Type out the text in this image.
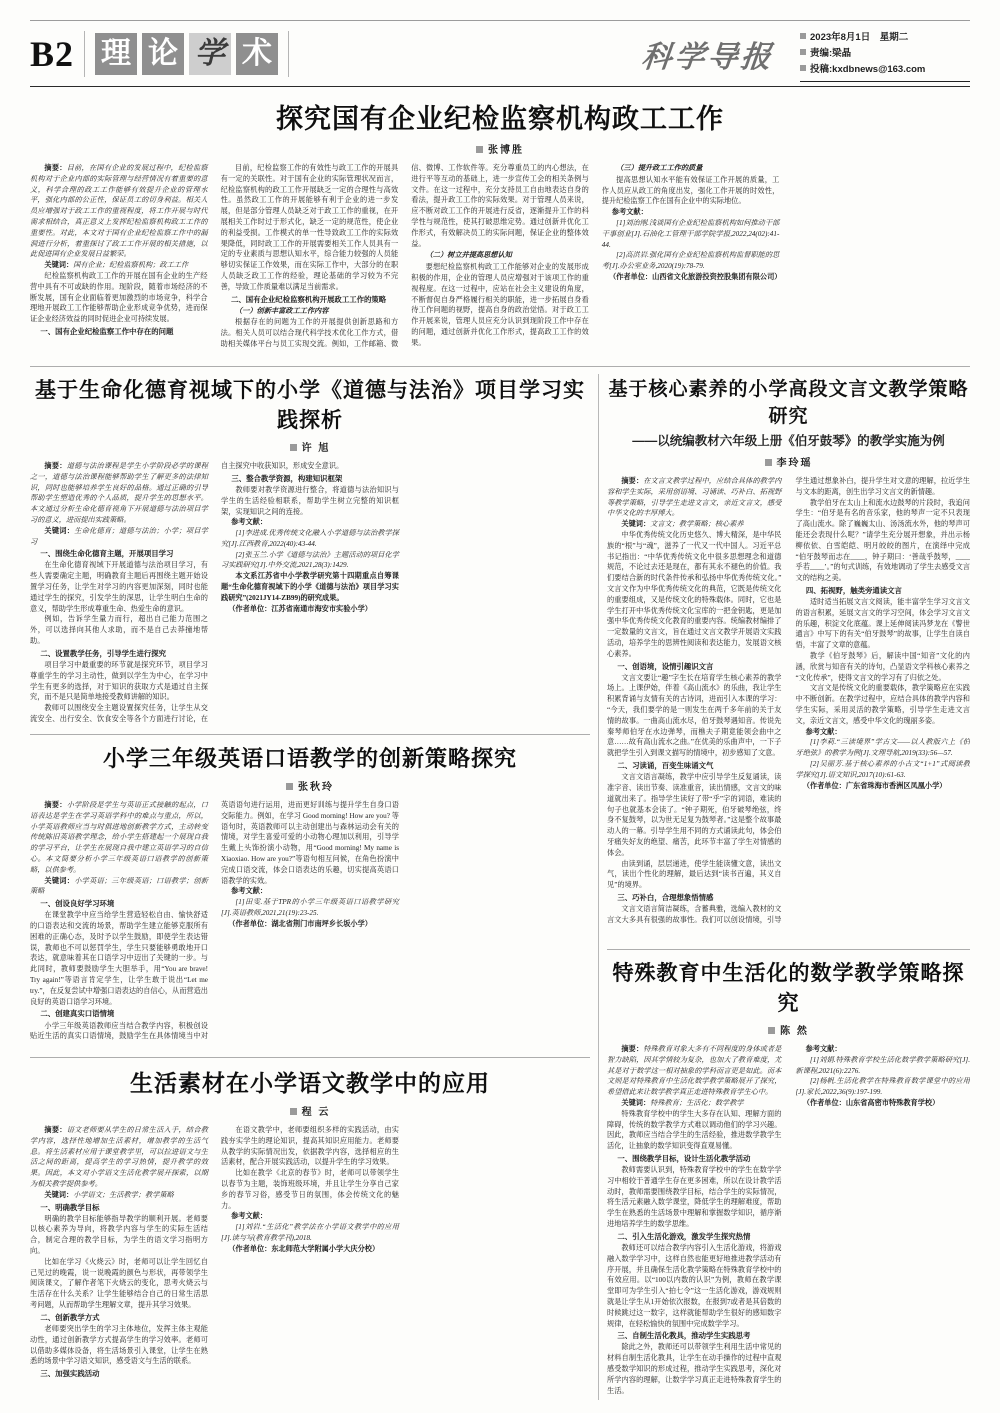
B2 理 论 学 术	科学导报
2023年8月1日　星期二
责编:梁晶
投稿:kxdbnews@163.com
探究国有企业纪检监察机构政工工作
张博胜

摘要：目前，在国有企业的发展过程中，纪检监察机构对于企业内部的实际管理与经营情况有着重要的意义，科学合理的政工工作能够有效提升企业的管理水平，强化内部的公正性，保证员工的切身利益。相关人员应增强对于政工工作的重视程度，将工作开展与时代需求相结合，真正意义上发挥纪检监察机构政工工作的重要性。对此，本文对于国有企业纪检监察工作中的漏洞进行分析，着重探讨了政工工作开展的相关措施，以此促进国有企业发展日益繁荣。

关键词：国有企业；纪检监察机构；政工工作

纪检监察机构政工工作的开展在国有企业的生产经营中具有不可或缺的作用。现阶段，随着市场经济的不断发展，国有企业面临着更加激烈的市场竞争，科学合理地开展政工工作能够帮助企业形成竞争优势，进而保证企业经济效益的同时促进企业可持续发展。

一、国有企业纪检监察工作中存在的问题

目前，纪检监察工作的有效性与政工工作的开展具有一定的关联性。对于国有企业的实际管理状况而言，纪检监察机构的政工工作开展缺乏一定的合理性与高效性。虽然政工工作的开展能够有利于企业的进一步发展，但是部分管理人员缺乏对于政工工作的重视，在开展相关工作时过于形式化，缺乏一定的规范性，使企业的利益受损。工作模式的单一性导致政工工作的实际效果降低，同时政工工作的开展需要相关工作人员具有一定的专业素质与思想认知水平，综合能力较强的人员能够切实保证工作效果，而在实际工作中，大部分的在职人员缺乏政工工作的经验，理论基础的学习较为不完善，导致工作质量难以满足当前需求。

二、国有企业纪检监察机构开展政工工作的策略
（一）创新丰富政工工作内容

根据存在的问题为工作的开展提供创新思路和方法。相关人员可以结合现代科学技术优化工作方式，借助相关媒体平台与员工实现交流。例如，工作邮箱、微信、微博、工作软件等。充分尊重员工的内心想法，在进行平等互动的基础上，进一步宣传工会的相关条例与文件。在这一过程中，充分支持员工自由地表达自身的看法，提升政工工作的实际效果。对于管理人员来说，应不断对政工工作的开展进行反省，逐渐提升工作的科学性与规范性，使其打破思维定势。通过创新并优化工作形式，有效解决员工的实际问题，保证企业的整体效益。

（二）树立并提高思想认知

要想纪检监察机构政工工作能够对企业的发展形成积极的作用，企业的管理人员应增强对于该项工作的重视程度。在这一过程中，应站在社会主义建设的角度，不断督促自身严格履行相关的职能，进一步拓展自身看待工作问题的视野，提高自身的政治觉悟。对于政工工作开展来说，管理人员应充分认识到现阶段工作中存在的问题，通过创新并优化工作形式，提高政工工作的效果。

（三）提升政工工作的质量

提高思想认知水平能有效保证工作开展的质量，工作人员应从政工的角度出发，强化工作开展的时效性，提升纪检监察工作在国有企业中的实际地位。

参考文献：

[1]刘治刚.浅谈国有企业纪检监察机构如何推动干部干事创业[J].石油化工管理干部学院学报,2022,24(02):41-44.

[2]高洪岩.强化国有企业纪检监察机构监督职能的思考[J].办公室业务,2020(19):78-79.

（作者单位：山西省文化旅游投资控股集团有限公司）

基于生命化德育视域下的小学《道德与法治》项目学习实践探析
许 旭

摘要：道德与法治课程是学生小学阶段必学的课程之一，道德与法治课程能够帮助学生了解更多的法律知识，同时也能够培养学生良好的品格。通过正确的引导帮助学生塑造优秀的个人品质，提升学生的思想水平。本文通过分析生命化德育视角下开展道德与法治项目学习的意义，进而提出实践策略。

关键词：生命化德育；道德与法治；小学；项目学习

一、围绕生命化德育主题，开展项目学习

在生命化德育视域下开展道德与法治项目学习，有些人需要确定主题，明确教育主题后再围绕主题开始设置学习任务，让学生对学习的内容更加深刻，同时也能通过学生的探究，引发学生的深思，让学生明白生命的意义，帮助学生形成尊重生命、热爱生命的意识。

例如，告诉学生量力而行，超出自己能力范围之外，可以选择向其他人求助，而不是自己去莽撞地帮助。

二、设置教学任务，引导学生进行探究

项目学习中最重要的环节就是探究环节，项目学习尊重学生的学习主动性，做到以学生为中心，在学习中学生有更多的选择，对于知识的获取方式是通过自主探究，而不是只是简单地接受教师讲解的知识。

教师可以围绕安全主题设置探究任务，让学生从交流安全、出行安全、饮食安全等各个方面进行讨论，在自主探究中收获知识，形成安全意识。

三、整合教学资源，构建知识框架

教师要对教学资源进行整合，将道德与法治知识与学生的生活经验相联系，帮助学生树立完整的知识框架，实现知识之间的连接。

参考文献：

[1]李进成.优秀传统文化融入小学道德与法治教学探究[J].江西教育,2022(40):43-44.

[2]张玉兰.小学《道德与法治》主题活动的项目化学习实践研究[J].中外交流,2021,28(3):1429.

本文系江苏省中小学教学研究第十四期重点自筹课题“生命化德育视域下的小学《道德与法治》项目学习实践研究”(2021JY14-ZB99)的研究成果。

（作者单位：江苏省南通市海安市实验小学）

小学三年级英语口语教学的创新策略探究
张秋玲

摘要：小学阶段是学生与英语正式接触的起点，口语表达是学生在学习英语学科中的难点与重点，所以，小学英语教师应当与时俱进地创新教学方式，主动转变传统陈旧英语教学理念，给小学生搭建起一个展现自我的学习平台，让学生在展现自我中建立英语学习的自信心。本文简要分析小学三年级英语口语教学的创新策略，以供参考。

关键词：小学英语；三年级英语；口语教学；创新策略

一、创设良好学习环境

在课堂教学中应当给学生营造轻松自由、愉快舒适的口语表达和交流的场景，帮助学生建立能够克服所有困难的正确心态，及时予以学生鼓励，即使学生表达错误，教师也不可以惩罚学生，学生只要能够勇敢地开口表达，就意味着其在口语学习中迈出了关键的一步。与此同时，教师要鼓励学生大胆举手，用“You are brave! Try again!”等语言肯定学生，让学生敢于说出“Let me try.”，在反复尝试中增强口语表达的自信心，从而营造出良好的英语口语学习环境。

二、创建真实口语情境

小学三年级英语教师应当结合教学内容，积极创设贴近生活的真实口语情境，鼓励学生在具体情境当中对英语语句进行运用，进而更好训练与提升学生自身口语交际能力。例如，在学习 Good morning! How are you? 等语句时，英语教师可以主动创建出与森林运动会有关的情境，对学生喜爱可爱的小动物心理加以利用，引导学生戴上头饰扮演小动物，用“Good morning! My name is Xiaoxiao. How are you?”等语句相互问候，在角色扮演中完成口语交流，体会口语表达的乐趣，切实提高英语口语教学的实效。

参考文献：

[1]田雯.基于TPR的小学三年级英语口语教学研究[J].英语教师,2021,21(19):23-25.

（作者单位：湖北省荆门市南坪乡长坂小学）

生活素材在小学语文教学中的应用
程 云

摘要：语文老师要从学生的日常生活入手，结合教学内容，选择性地增加生活素材，增加教学的生活气息。将生活素材应用于课堂教学里，可以拉进语文与生活之间的距离，提高学生的学习热情，提升教学的效果。因此，本文对小学语文生活化教学展开探索，以期为相关教学提供参考。

关键词：小学语文；生活教学；教学策略

一、明确教学目标

明确的教学目标能够指导教学的顺利开展。老师要以核心素养为导向，将教学内容与学生的实际生活结合，制定合理的教学目标，为学生的语文学习指明方向。

比如在学习《火烧云》时，老师可以让学生回忆自己见过的晚霞，说一说晚霞的颜色与形状，再带领学生阅读课文，了解作者笔下火烧云的变化，思考火烧云与生活存在什么关系？让学生能够结合自己的日常生活思考问题，从而帮助学生理解文章，提升其学习效果。

二、创新教学方式

老师要突出学生的学习主体地位，发挥主体主观能动性，通过创新教学方式提高学生的学习效率。老师可以借助多媒体设备，将生活场景引入课堂，让学生在熟悉的场景中学习语文知识，感受语文与生活的联系。

三、加强实践活动

在语文教学中，老师要组织多样的实践活动，由实践夯实学生的理论知识，提高其知识应用能力。老师要从教学的实际情况出发，依据教学内容，选择相应的生活素材，配合开展实践活动，以提升学生的学习效果。

比如在教学《北京的春节》时，老师可以带领学生以春节为主题，装饰班级环境，并且让学生分享自己家乡的春节习俗，感受节日的氛围，体会传统文化的魅力。

参考文献：

[1]刘岩.“生活化”教学法在小学语文教学中的应用[J].读与写(教育教学刊),2018.

（作者单位：东北师范大学附属小学大庆分校）

基于核心素养的小学高段文言文教学策略研究
——以统编教材六年级上册《伯牙鼓琴》的教学实施为例
李玲瑶

摘要：在文言文教学过程中，应结合具体的教学内容和学生实际，采用创语境、习诵读、巧补白、拓视野等教学策略，引导学生走进文言文，亲近文言文，感受中华文化的丰厚博大。

关键词：文言文；教学策略；核心素养

中华优秀传统文化历史悠久、博大精深，是中华民族的“根”与“魂”，滋养了一代又一代中国人。习近平总书记指出：“中华优秀传统文化中很多思想理念和道德规范，不论过去还是现在，都有其永不褪色的价值。我们要结合新的时代条件传承和弘扬中华优秀传统文化。”文言文作为中华优秀传统文化的典范，它既是传统文化的重要组成，又是传统文化的特殊载体。同时，它也是学生打开中华优秀传统文化宝库的一把金钥匙，更是加强中华优秀传统文化教育的重要内容。统编教材编排了一定数量的文言文，旨在通过文言文教学开展语文实践活动，培养学生的思辨性阅读和表达能力，发展语文核心素养。

一、创语境，设情引趣识文言

文言文要让“趣”字生长在培育学生核心素养的教学场上。上课伊始，伴着《高山流水》的乐曲，我让学生积累背诵与友情有关的古诗词，进而引入本课的学习：“今天，我们要学的是一则发生在两千多年前的关于友情的故事。一曲高山流水尽，伯牙鼓琴遇知音。传说先秦琴师伯牙在水边弹琴，而樵夫子期竟能领会曲中之意……故有高山流水之曲。”在优美的乐曲声中，一下子就把学生引入到课文描写的情境中，初步感知了文意。

二、习读诵，百变生味诵文气

文言文语言凝练，教学中应引导学生反复诵读，读准字音、读出节奏、读准重音，读出情感，文言文的味道就出来了。指导学生读好了带“乎”字的词语，难读的句子也就基本会读了。“钟子期死，伯牙破琴绝弦，终身不复鼓琴，以为世无足复为鼓琴者。”这是整个故事最动人的一幕。引导学生用不同的方式诵读此句，体会伯牙痛失好友的绝望、痛苦，此环节丰富了学生对情感的体会。

由读到诵，层层递进，使学生能读懂文意，读出文气，读出个性化的理解，最后达到“读书百遍，其义自见”的境界。

三、巧补白，合理想象悟情感

文言文语言简洁凝练，含蓄典雅，选编入教材的文言文大多具有很强的故事性。我们可以创设情境，引导学生通过想象补白，提升学生对文意的理解，拉近学生与文本的距离，创生出学习文言文的新情趣。

教学伯牙在太山上和流水边鼓琴的片段时，我追问学生：“伯牙是有名的音乐家，他的琴声一定不只表现了高山流水。除了巍巍太山、汤汤流水外，他的琴声可能还会表现什么呢？”请学生充分展开想象，并出示杨柳依依、白雪皑皑、明月皎皎的图片，在演绎中完成“伯牙鼓琴而志在____，钟子期曰：‘善哉乎鼓琴，____乎若____’。”的句式训练，有效地调动了学生去感受文言文的结构之美。

四、拓视野，触类旁通读文言

适时适当拓展文言文阅读，能丰富学生学习文言文的语言积累，延展文言文的学习空间，体会学习文言文的乐趣，积淀文化底蕴。课上延伸阅读冯梦龙在《警世通言》中写下的有关“伯牙鼓琴”的故事，让学生自读自悟，丰富了文章的意蕴。

教学《伯牙鼓琴》后，解读中国“知音”文化的内涵，欣赏与知音有关的诗句，凸显语文学科核心素养之“文化传承”，使得文言文的学习有了归依之处。

文言文是传统文化的重要载体，教学策略应在实践中不断创新。在教学过程中，应结合具体的教学内容和学生实际，采用灵活的教学策略，引导学生走进文言文，亲近文言文，感受中华文化的瑰丽多姿。

参考文献：

[1]李莉.“三读境界”学古文——以人教版六上《伯牙绝弦》的教学为例[J].文理导航,2019(33):56—57.

[2]吴丽芳.基于核心素养的小古文“1+1”式阅读教学探究[J].语文知识,2017(10):61-63.

（作者单位：广东省珠海市香洲区凤凰小学）

特殊教育中生活化的数学教学策略探究
陈 然

摘要：特殊教育对象大多有不同程度的身体或者是智力缺陷，因其学情较为复杂，也加大了教育难度，尤其是对于数学这一相对抽象的学科而言更是如此。而本文则是对特殊教育中生活化数学教学策略展开了探究，希望借此来让数学教学真正走进特殊教育学生心中。

关键词：特殊教育；生活化；数学教学

特殊教育学校中的学生大多存在认知、理解方面的障碍，传统的数学教学方式难以调动他们的学习兴趣。因此，教师应当结合学生的生活经验，推进数学教学生活化，让抽象的数学知识变得直观易懂。

一、围绕教学目标，设计生活化教学活动

教师需要认识到，特殊教育学校中的学生在数学学习中相较于普通学生存在更多困难，所以在设计教学活动时，教师需要围绕教学目标，结合学生的实际情况，将生活元素融入数学课堂，降低学生的理解难度，帮助学生在熟悉的生活场景中理解和掌握数学知识，循序渐进地培养学生的数学思维。

二、引入生活化游戏，激发学生探究热情

教师还可以结合教学内容引入生活化游戏，将游戏融入数学学习中，这样自然也能更好地推进教学活动有序开展，并且确保生活化教学策略在特殊教育学校中的有效应用。以“100以内数的认识”为例，教师在教学课堂即可为学生引入“拍七令”这一生活化游戏，游戏规则就是让学生从1开始依次报数，在报到7或者是其倍数的时候跳过这一数字，这样就能帮助学生很好的感知数字规律，在轻松愉快的氛围中完成数学学习。

三、自制生活化教具，推动学生实践思考

除此之外，教师还可以带领学生利用生活中常见的材料自制生活化教具，让学生在动手操作的过程中直观感受数学知识的形成过程，推动学生实践思考，深化对所学内容的理解，让数学学习真正走进特殊教育学生的生活。

参考文献：

[1]刘娟.特殊教育学校生活化数学教学策略研究[J].新课程,2021(6):2276.

[2]杨帆.生活化教学在特殊教育数学课堂中的应用[J].家长,2022,36(9):197-199.

（作者单位：山东省高密市特殊教育学校）
